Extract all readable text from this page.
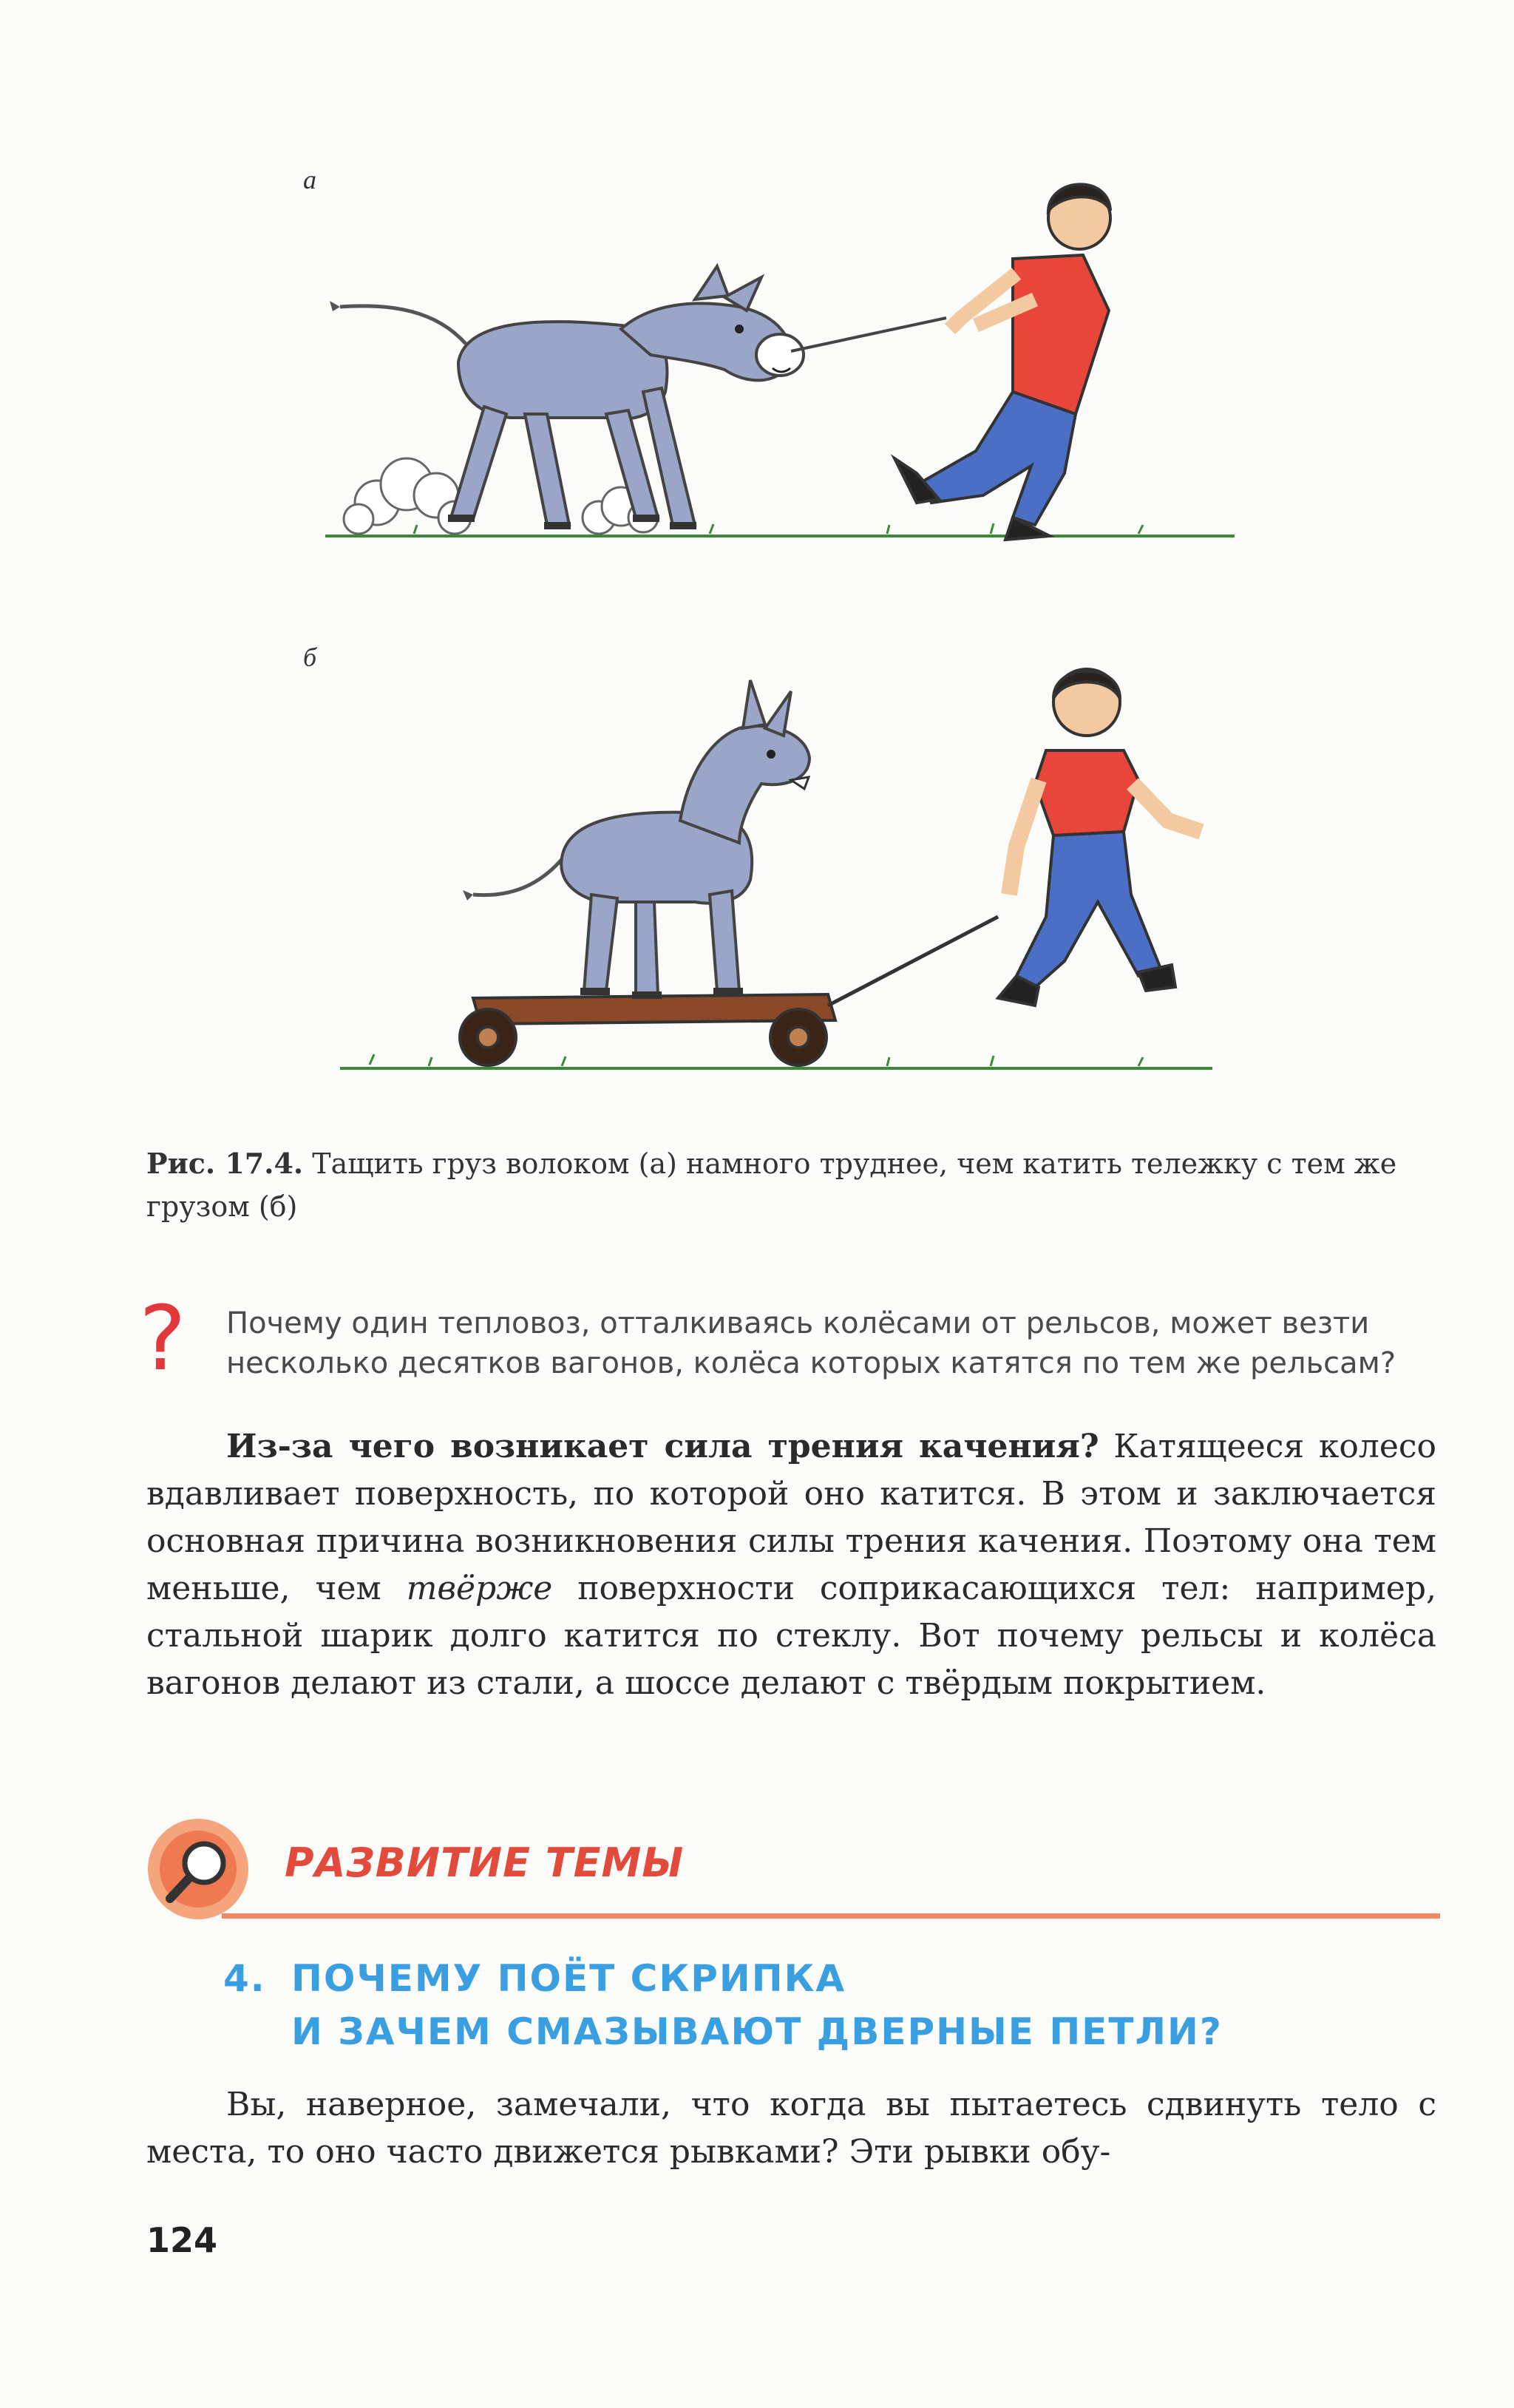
а
б
Рис. 17.4. Тащить груз волоком (а) намного труднее, чем катить тележку с тем же грузом (б)
? Почему один тепловоз, отталкиваясь колёсами от рельсов, может везти несколько десятков вагонов, колёса которых катятся по тем же рельсам?
Из-за чего возникает сила трения качения? Катящееся колесо вдавливает поверхность, по которой оно катится. В этом и заключается основная причина возникновения силы трения качения. Поэтому она тем меньше, чем твёрже поверхности соприкасающихся тел: например, стальной шарик долго катится по стеклу. Вот почему рельсы и колёса вагонов делают из стали, а шоссе делают с твёрдым покрытием.
РАЗВИТИЕ ТЕМЫ
4. ПОЧЕМУ ПОЁТ СКРИПКА
И ЗАЧЕМ СМАЗЫВАЮТ ДВЕРНЫЕ ПЕТЛИ?
Вы, наверное, замечали, что когда вы пытаетесь сдвинуть тело с места, то оно часто движется рывками? Эти рывки обу-
124
